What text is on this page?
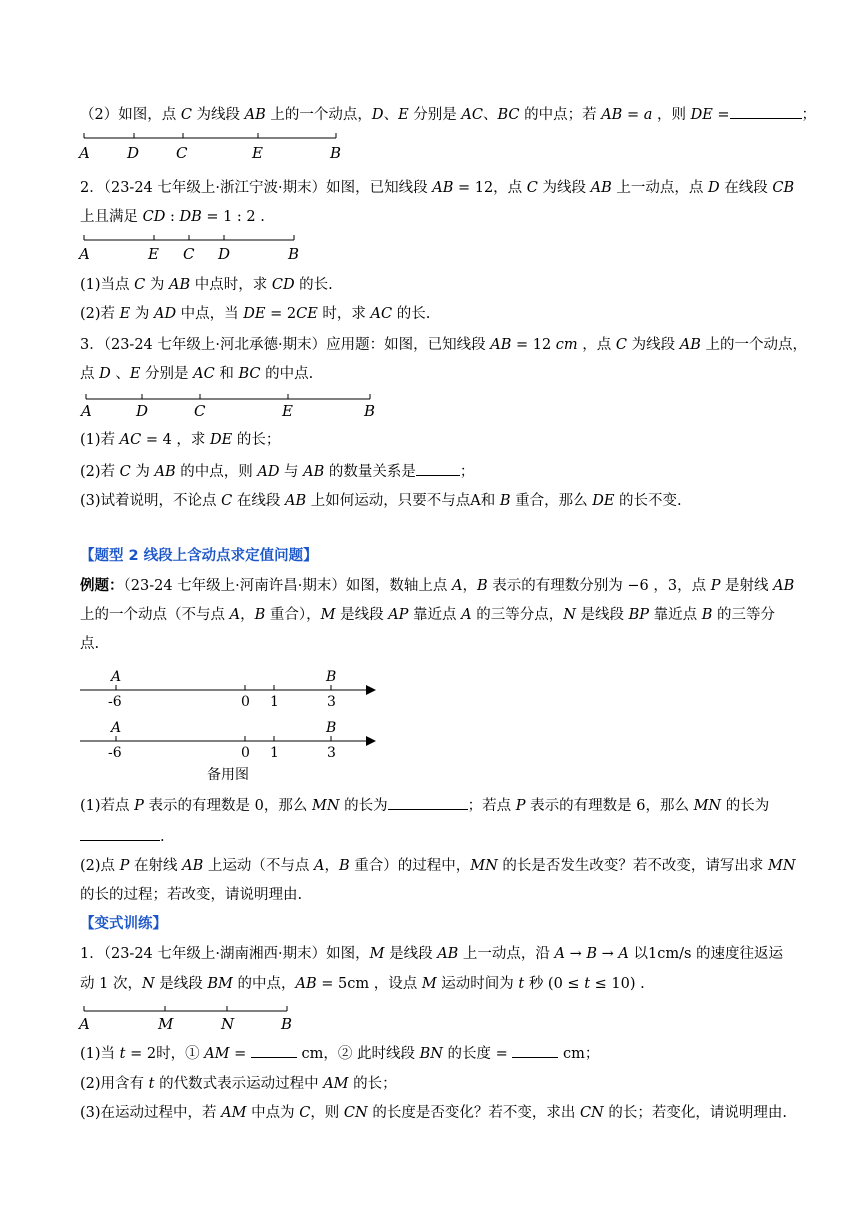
（2）如图，点 C 为线段 AB 上的一个动点，D、E 分别是 AC、BC 的中点；若 AB = a ，则 DE =	；
2．（23-24 七年级上·浙江宁波·期末）如图，已知线段 AB = 12，点 C 为线段 AB 上一动点，点 D 在线段 CB
上且满足 CD : DB = 1 : 2 .
(1)当点 C 为 AB 中点时，求 CD 的长.
(2)若 E 为 AD 中点，当 DE = 2CE 时，求 AC 的长.
3．（23-24 七年级上·河北承德·期末）应用题：如图，已知线段 AB = 12 cm ，点 C 为线段 AB 上的一个动点，
点 D 、E 分别是 AC 和 BC 的中点.
(1)若 AC = 4 ，求 DE 的长；
(2)若 C 为 AB 的中点，则 AD 与 AB 的数量关系是	；
(3)试着说明，不论点 C 在线段 AB 上如何运动，只要不与点A和 B 重合，那么 DE 的长不变.
例题：（23-24 七年级上·河南许昌·期末）如图，数轴上点 A，B 表示的有理数分别为 −6 ，3，点 P 是射线 AB
上的一个动点（不与点 A，B 重合），M 是线段 AP 靠近点 A 的三等分点，N 是线段 BP 靠近点 B 的三等分
点.
(1)若点 P 表示的有理数是 0，那么 MN 的长为	；若点 P 表示的有理数是 6，那么 MN 的长为
.
(2)点 P 在射线 AB 上运动（不与点 A，B 重合）的过程中，MN 的长是否发生改变？若不改变，请写出求 MN
的长的过程；若改变，请说明理由.
1．（23-24 七年级上·湖南湘西·期末）如图，M 是线段 AB 上一动点，沿 A → B → A 以1cm/s 的速度往返运
动 1 次，N 是线段 BM 的中点，AB = 5cm ，设点 M 运动时间为 t 秒 (0 ≤ t ≤ 10) .
(1)当 t = 2时，① AM =	cm，② 此时线段 BN 的长度 =	cm；
(2)用含有 t 的代数式表示运动过程中 AM 的长；
(3)在运动过程中，若 AM 中点为 C，则 CN 的长度是否变化？若不变，求出 CN 的长；若变化，请说明理由.
【题型 2 线段上含动点求定值问题】
【变式训练】
A D C	E	B
A	E C D	B
A	D	C	E	B
A	B
-6	0 1	3
A	B
-6	0 1	3
备用图
A	M	N	B
